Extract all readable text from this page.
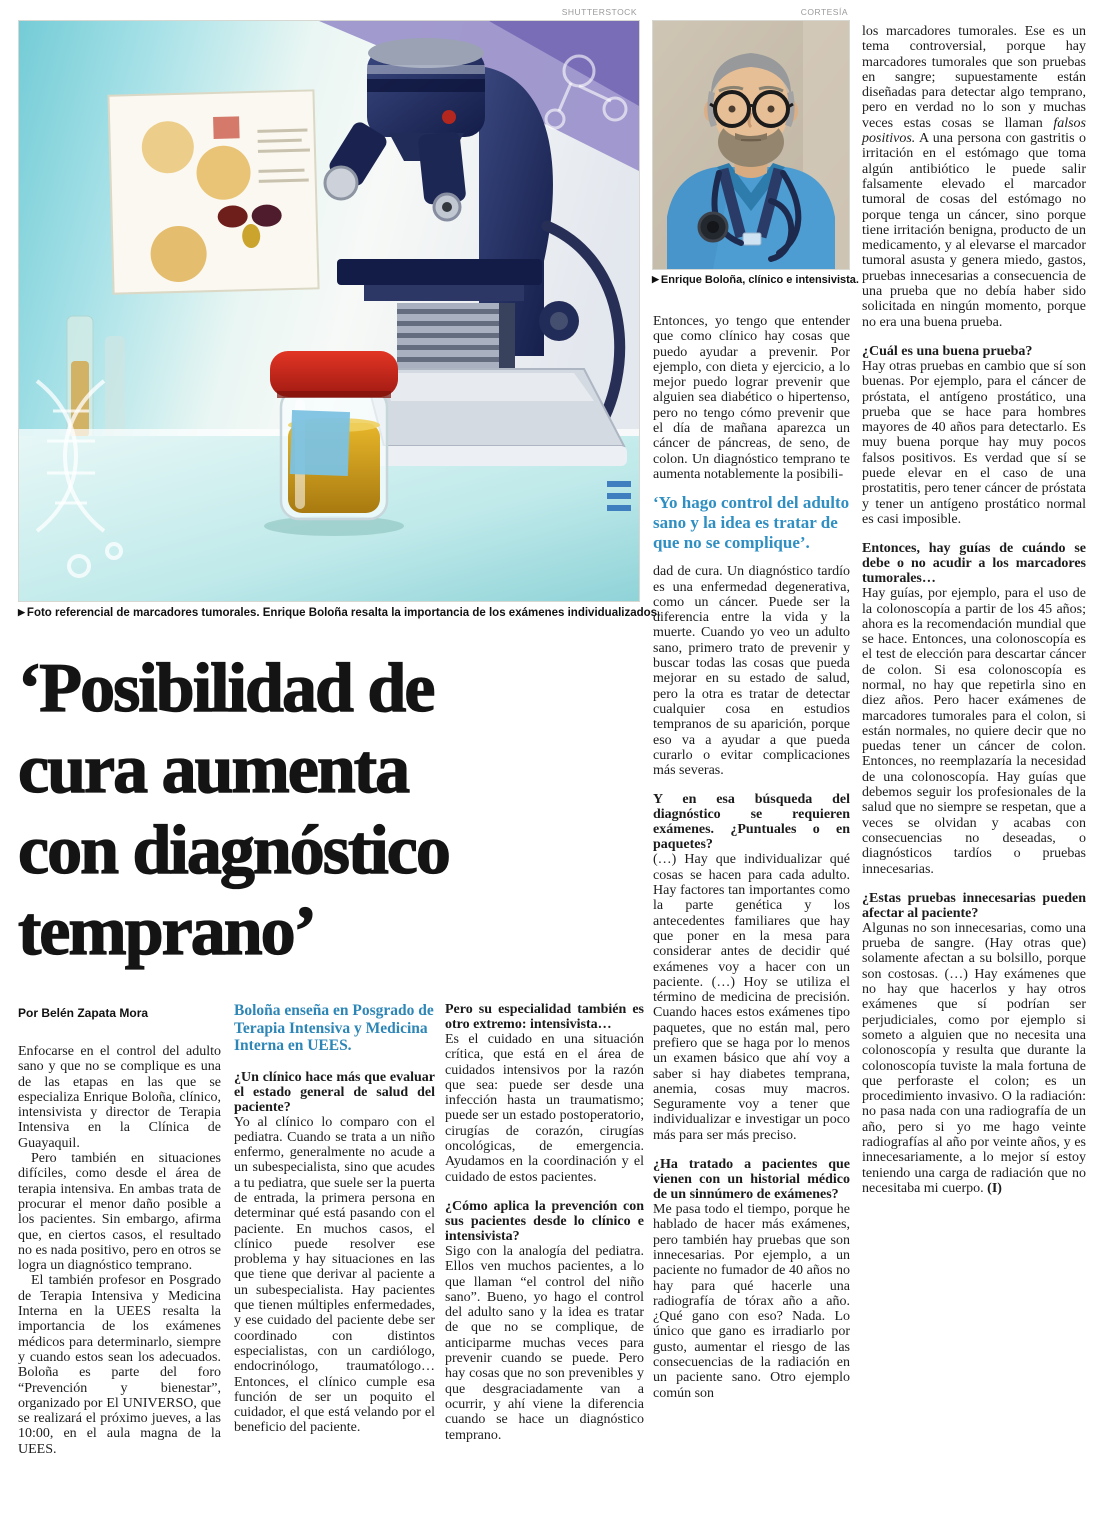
SHUTTERSTOCK	CORTESÍA
▶ Enrique Boloña, clínico e intensivista.
▶ Foto referencial de marcadores tumorales. Enrique Boloña resalta la importancia de los exámenes individualizados.
‘Posibilidad de
cura aumenta
con diagnóstico
temprano’
Por Belén Zapata Mora

Enfocarse en el control del adulto sano y que no se complique es una de las etapas en las que se especializa Enrique Boloña, clínico, intensivista y director de Terapia Intensiva en la Clínica de Guayaquil.

Pero también en situaciones difíciles, como desde el área de terapia intensiva. En ambas trata de procurar el menor daño posible a los pacientes. Sin embargo, afirma que, en ciertos casos, el resultado no es nada positivo, pero en otros se logra un diagnóstico temprano.

El también profesor en Posgrado de Terapia Intensiva y Medicina Interna en la UEES resalta la importancia de los exámenes médicos para determinarlo, siempre y cuando estos sean los adecuados. Boloña es parte del foro “Prevención y bienestar”, organizado por El UNIVERSO, que se realizará el próximo jueves, a las 10:00, en el aula magna de la UEES.

Boloña enseña en Posgrado de Terapia Intensiva y Medicina Interna en UEES.

¿Un clínico hace más que evaluar el estado general de salud del paciente?

Yo al clínico lo comparo con el pediatra. Cuando se trata a un niño enfermo, generalmente no acude a un subespecialista, sino que acudes a tu pediatra, que suele ser la puerta de entrada, la primera persona en determinar qué está pasando con el paciente. En muchos casos, el clínico puede resolver ese problema y hay situaciones en las que tiene que derivar al paciente a un subespecialista. Hay pacientes que tienen múltiples enfermedades, y ese cuidado del paciente debe ser coordinado con distintos especialistas, con un cardiólogo, endocrinólogo, traumatólogo… Entonces, el clínico cumple esa función de ser un poquito el cuidador, el que está velando por el beneficio del paciente.

Pero su especialidad también es otro extremo: intensivista…

Es el cuidado en una situación crítica, que está en el área de cuidados intensivos por la razón que sea: puede ser desde una infección hasta un traumatismo; puede ser un estado postoperatorio, cirugías de corazón, cirugías oncológicas, de emergencia. Ayudamos en la coordinación y el cuidado de estos pacientes.

¿Cómo aplica la prevención con sus pacientes desde lo clínico e intensivista?

Sigo con la analogía del pediatra. Ellos ven muchos pacientes, a lo que llaman “el control del niño sano”. Bueno, yo hago el control del adulto sano y la idea es tratar de que no se complique, de anticiparme muchas veces para prevenir cuando se puede. Pero hay cosas que no son prevenibles y que desgraciadamente van a ocurrir, y ahí viene la diferencia cuando se hace un diagnóstico temprano.

Entonces, yo tengo que entender que como clínico hay cosas que puedo ayudar a prevenir. Por ejemplo, con dieta y ejercicio, a lo mejor puedo lograr prevenir que alguien sea diabético o hipertenso, pero no tengo cómo prevenir que el día de mañana aparezca un cáncer de páncreas, de seno, de colon. Un diagnóstico temprano te aumenta notablemente la posibili-

‘Yo hago control del adulto sano y la idea es tratar de que no se complique’.

dad de cura. Un diagnóstico tardío es una enfermedad degenerativa, como un cáncer. Puede ser la diferencia entre la vida y la muerte. Cuando yo veo un adulto sano, primero trato de prevenir y buscar todas las cosas que pueda mejorar en su estado de salud, pero la otra es tratar de detectar cualquier cosa en estudios tempranos de su aparición, porque eso va a ayudar a que pueda curarlo o evitar complicaciones más severas.

Y en esa búsqueda del diagnóstico se requieren exámenes. ¿Puntuales o en paquetes?

(…) Hay que individualizar qué cosas se hacen para cada adulto. Hay factores tan importantes como la parte genética y los antecedentes familiares que hay que poner en la mesa para considerar antes de decidir qué exámenes voy a hacer con un paciente. (…) Hoy se utiliza el término de medicina de precisión. Cuando haces estos exámenes tipo paquetes, que no están mal, pero prefiero que se haga por lo menos un examen básico que ahí voy a saber si hay diabetes temprana, anemia, cosas muy macros. Seguramente voy a tener que individualizar e investigar un poco más para ser más preciso.

¿Ha tratado a pacientes que vienen con un historial médico de un sinnúmero de exámenes?

Me pasa todo el tiempo, porque he hablado de hacer más exámenes, pero también hay pruebas que son innecesarias. Por ejemplo, a un paciente no fumador de 40 años no hay para qué hacerle una radiografía de tórax año a año. ¿Qué gano con eso? Nada. Lo único que gano es irradiarlo por gusto, aumentar el riesgo de las consecuencias de la radiación en un paciente sano. Otro ejemplo común son

los marcadores tumorales. Ese es un tema controversial, porque hay marcadores tumorales que son pruebas en sangre; supuestamente están diseñadas para detectar algo temprano, pero en verdad no lo son y muchas veces estas cosas se llaman falsos positivos. A una persona con gastritis o irritación en el estómago que toma algún antibiótico le puede salir falsamente elevado el marcador tumoral de cosas del estómago no porque tenga un cáncer, sino porque tiene irritación benigna, producto de un medicamento, y al elevarse el marcador tumoral asusta y genera miedo, gastos, pruebas innecesarias a consecuencia de una prueba que no debía haber sido solicitada en ningún momento, porque no era una buena prueba.

¿Cuál es una buena prueba?

Hay otras pruebas en cambio que sí son buenas. Por ejemplo, para el cáncer de próstata, el antígeno prostático, una prueba que se hace para hombres mayores de 40 años para detectarlo. Es muy buena porque hay muy pocos falsos positivos. Es verdad que sí se puede elevar en el caso de una prostatitis, pero tener cáncer de próstata y tener un antígeno prostático normal es casi imposible.

Entonces, hay guías de cuándo se debe o no acudir a los marcadores tumorales…

Hay guías, por ejemplo, para el uso de la colonoscopía a partir de los 45 años; ahora es la recomendación mundial que se hace. Entonces, una colonoscopía es el test de elección para descartar cáncer de colon. Si esa colonoscopía es normal, no hay que repetirla sino en diez años. Pero hacer exámenes de marcadores tumorales para el colon, si están normales, no quiere decir que no puedas tener un cáncer de colon. Entonces, no reemplazaría la necesidad de una colonoscopía. Hay guías que debemos seguir los profesionales de la salud que no siempre se respetan, que a veces se olvidan y acabas con consecuencias no deseadas, o diagnósticos tardíos o pruebas innecesarias.

¿Estas pruebas innecesarias pueden afectar al paciente?

Algunas no son innecesarias, como una prueba de sangre. (Hay otras que) solamente afectan a su bolsillo, porque son costosas. (…) Hay exámenes que no hay que hacerlos y hay otros exámenes que sí podrían ser perjudiciales, como por ejemplo si someto a alguien que no necesita una colonoscopía y resulta que durante la colonoscopía tuviste la mala fortuna de que perforaste el colon; es un procedimiento invasivo. O la radiación: no pasa nada con una radiografía de un año, pero si yo me hago veinte radiografías al año por veinte años, y es innecesariamente, a lo mejor sí estoy teniendo una carga de radiación que no necesitaba mi cuerpo. (I)
